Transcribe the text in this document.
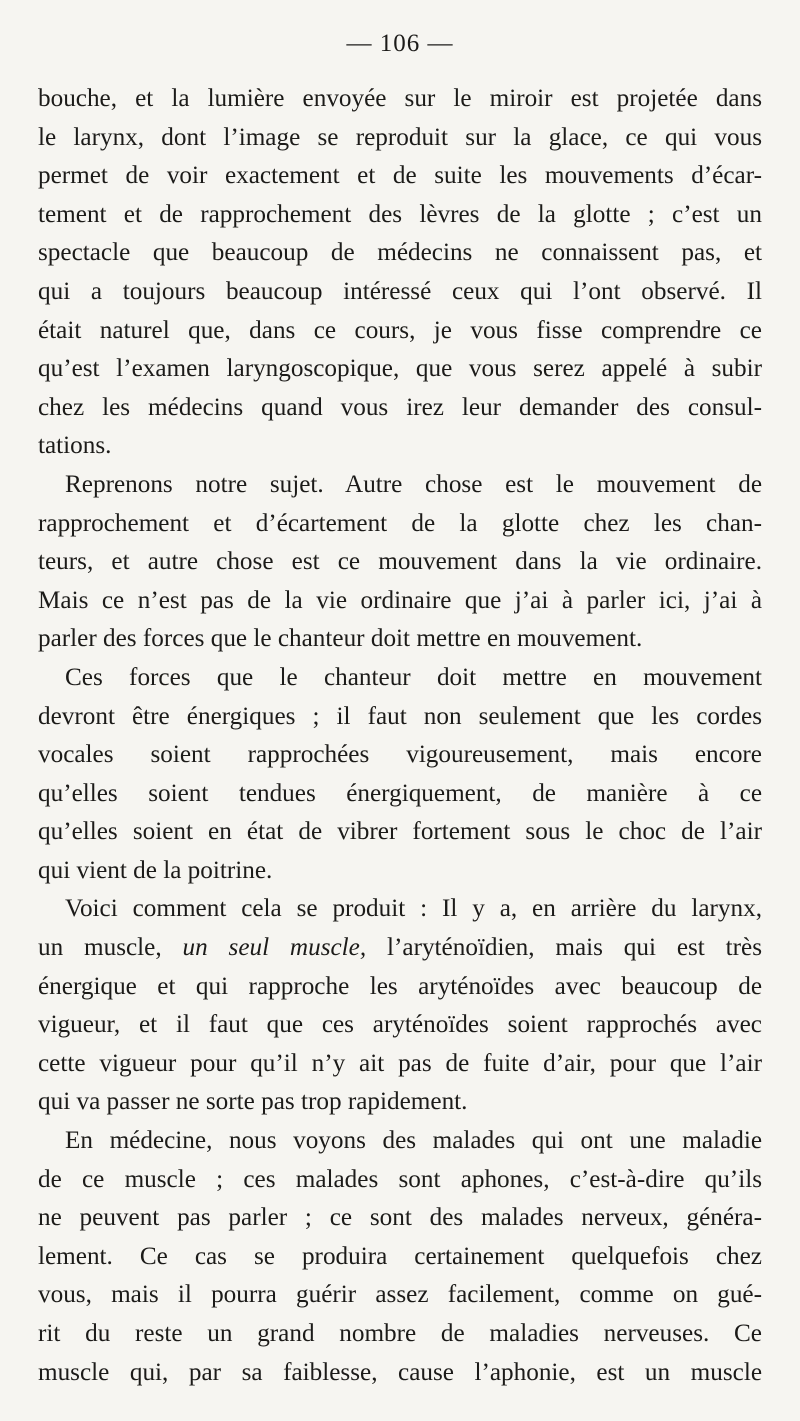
— 106 —
bouche, et la lumière envoyée sur le miroir est projetée dans
le larynx, dont l’image se reproduit sur la glace, ce qui vous
permet de voir exactement et de suite les mouvements d’écar-
tement et de rapprochement des lèvres de la glotte ; c’est un
spectacle que beaucoup de médecins ne connaissent pas, et
qui a toujours beaucoup intéressé ceux qui l’ont observé. Il
était naturel que, dans ce cours, je vous fisse comprendre ce
qu’est l’examen laryngoscopique, que vous serez appelé à subir
chez les médecins quand vous irez leur demander des consul-
tations.
Reprenons notre sujet. Autre chose est le mouvement de
rapprochement et d’écartement de la glotte chez les chan-
teurs, et autre chose est ce mouvement dans la vie ordinaire.
Mais ce n’est pas de la vie ordinaire que j’ai à parler ici, j’ai à
parler des forces que le chanteur doit mettre en mouvement.
Ces forces que le chanteur doit mettre en mouvement
devront être énergiques ; il faut non seulement que les cordes
vocales soient rapprochées vigoureusement, mais encore
qu’elles soient tendues énergiquement, de manière à ce
qu’elles soient en état de vibrer fortement sous le choc de l’air
qui vient de la poitrine.
Voici comment cela se produit : Il y a, en arrière du larynx,
un muscle, un seul muscle, l’aryténoïdien, mais qui est très
énergique et qui rapproche les aryténoïdes avec beaucoup de
vigueur, et il faut que ces aryténoïdes soient rapprochés avec
cette vigueur pour qu’il n’y ait pas de fuite d’air, pour que l’air
qui va passer ne sorte pas trop rapidement.
En médecine, nous voyons des malades qui ont une maladie
de ce muscle ; ces malades sont aphones, c’est-à-dire qu’ils
ne peuvent pas parler ; ce sont des malades nerveux, généra-
lement. Ce cas se produira certainement quelquefois chez
vous, mais il pourra guérir assez facilement, comme on gué-
rit du reste un grand nombre de maladies nerveuses. Ce
muscle qui, par sa faiblesse, cause l’aphonie, est un muscle
